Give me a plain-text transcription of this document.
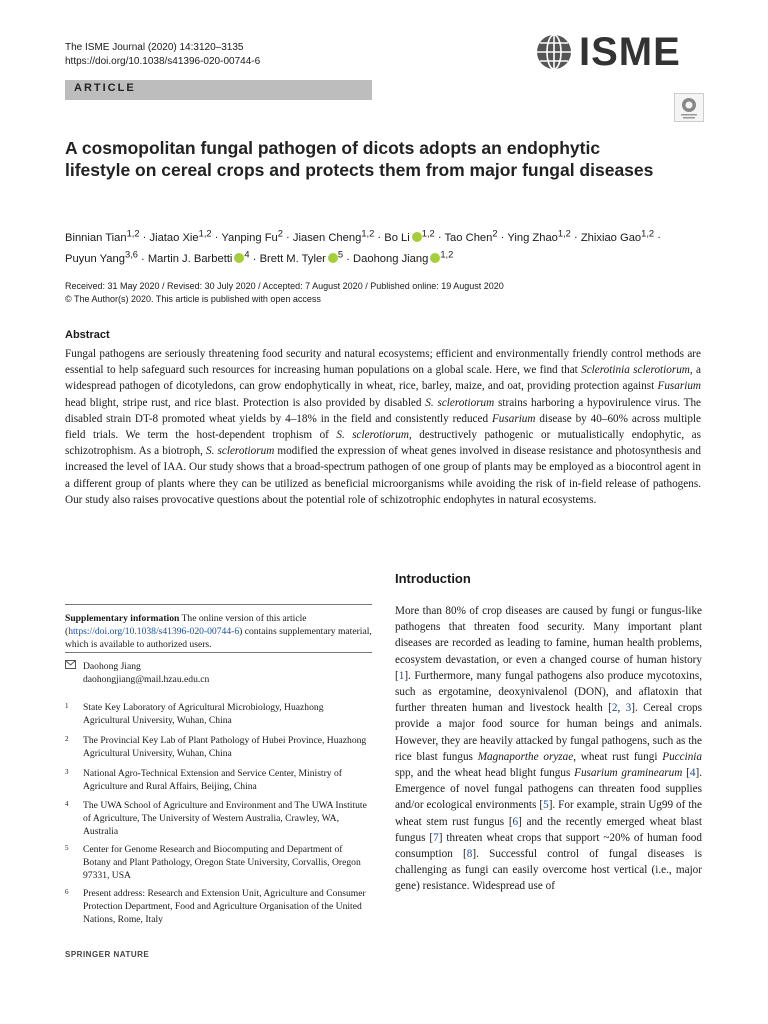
The ISME Journal (2020) 14:3120–3135
https://doi.org/10.1038/s41396-020-00744-6	ISME
ARTICLE
A cosmopolitan fungal pathogen of dicots adopts an endophytic lifestyle on cereal crops and protects them from major fungal diseases
Binnian Tian$^{1,2}$ · Jiatao Xie$^{1,2}$ · Yanping $Fu^2$ · Jiasen Cheng$^{1,2}$ · Bo Li $^{1,2}$ · Tao Chen$^2$ · Ying Zhao$^{1,2}$ · Zhixiao Gao$^{1,2}$ ·
Puyun Yang$^{3,6}$ · Martin J. Barbetti $^4$ · Brett M. Tyler $^5$ · Daohong Jiang $^{1,2}$
Received: 31 May 2020 / Revised: 30 July 2020 / Accepted: 7 August 2020 / Published online: 19 August 2020
© The Author(s) 2020. This article is published with open access
Abstract
Fungal pathogens are seriously threatening food security and natural ecosystems; efficient and environmentally friendly control methods are essential to help safeguard such resources for increasing human populations on a global scale. Here, we find that Sclerotinia sclerotiorum, a widespread pathogen of dicotyledons, can grow endophytically in wheat, rice, barley, maize, and oat, providing protection against Fusarium head blight, stripe rust, and rice blast. Protection is also provided by disabled S. sclerotiorum strains harboring a hypovirulence virus. The disabled strain DT-8 promoted wheat yields by 4–18% in the field and consistently reduced Fusarium disease by 40–60% across multiple field trials. We term the host-dependent trophism of S. sclerotiorum, destructively pathogenic or mutualistically endophytic, as schizotrophism. As a biotroph, S. sclerotiorum modified the expression of wheat genes involved in disease resistance and photosynthesis and increased the level of IAA. Our study shows that a broad-spectrum pathogen of one group of plants may be employed as a biocontrol agent in a different group of plants where they can be utilized as beneficial microorganisms while avoiding the risk of in-field release of pathogens. Our study also raises provocative questions about the potential role of schizotrophic endophytes in natural ecosystems.
Introduction
More than 80% of crop diseases are caused by fungi or fungus-like pathogens that threaten food security. Many important plant diseases are recorded as leading to famine, human health problems, ecosystem devastation, or even a changed course of human history [1]. Furthermore, many fungal pathogens also produce mycotoxins, such as ergotamine, deoxynivalenol (DON), and aflatoxin that further threaten human and livestock health [2, 3]. Cereal crops provide a major food source for human beings and animals. However, they are heavily attacked by fungal pathogens, such as the rice blast fungus Magnaporthe oryzae, wheat rust fungi Puccinia spp, and the wheat head blight fungus Fusarium graminearum [4]. Emergence of novel fungal pathogens can threaten food supplies and/or ecological environments [5]. For example, strain Ug99 of the wheat stem rust fungus [6] and the recently emerged wheat blast fungus [7] threaten wheat crops that support ~20% of human food consumption [8]. Successful control of fungal diseases is challenging as fungi can easily overcome host vertical (i.e., major gene) resistance. Widespread use of
Supplementary information The online version of this article (https://doi.org/10.1038/s41396-020-00744-6) contains supplementary material, which is available to authorized users.
Daohong Jiang
daohongjiang@mail.hzau.edu.cn
1	State Key Laboratory of Agricultural Microbiology, Huazhong Agricultural University, Wuhan, China
2	The Provincial Key Lab of Plant Pathology of Hubei Province, Huazhong Agricultural University, Wuhan, China
3	National Agro-Technical Extension and Service Center, Ministry of Agriculture and Rural Affairs, Beijing, China
4	The UWA School of Agriculture and Environment and The UWA Institute of Agriculture, The University of Western Australia, Crawley, WA, Australia
5	Center for Genome Research and Biocomputing and Department of Botany and Plant Pathology, Oregon State University, Corvallis, Oregon 97331, USA
6	Present address: Research and Extension Unit, Agriculture and Consumer Protection Department, Food and Agriculture Organisation of the United Nations, Rome, Italy
SPRINGER NATURE
